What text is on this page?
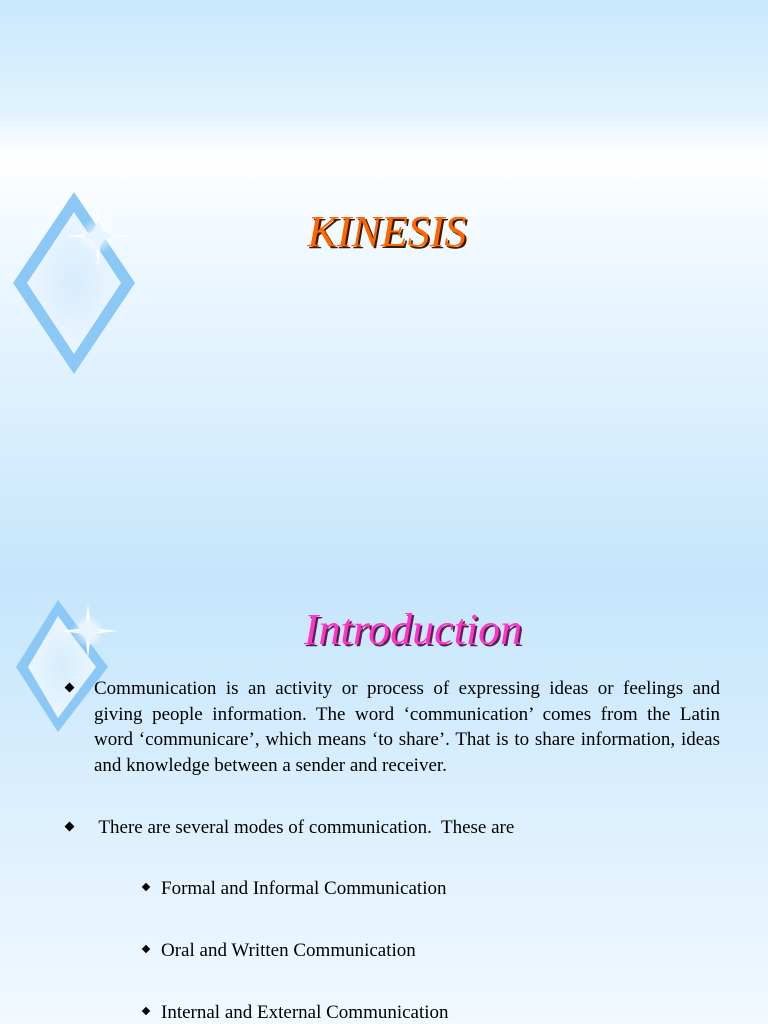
KINESIS
Introduction

Communication is an activity or process of expressing ideas or feelings and giving people information. The word ‘communication’ comes from the Latin word ‘communicare’, which means ‘to share’. That is to share information, ideas and knowledge between a sender and receiver.

There are several modes of communication.  These are

Formal and Informal Communication

Oral and Written Communication

Internal and External Communication
